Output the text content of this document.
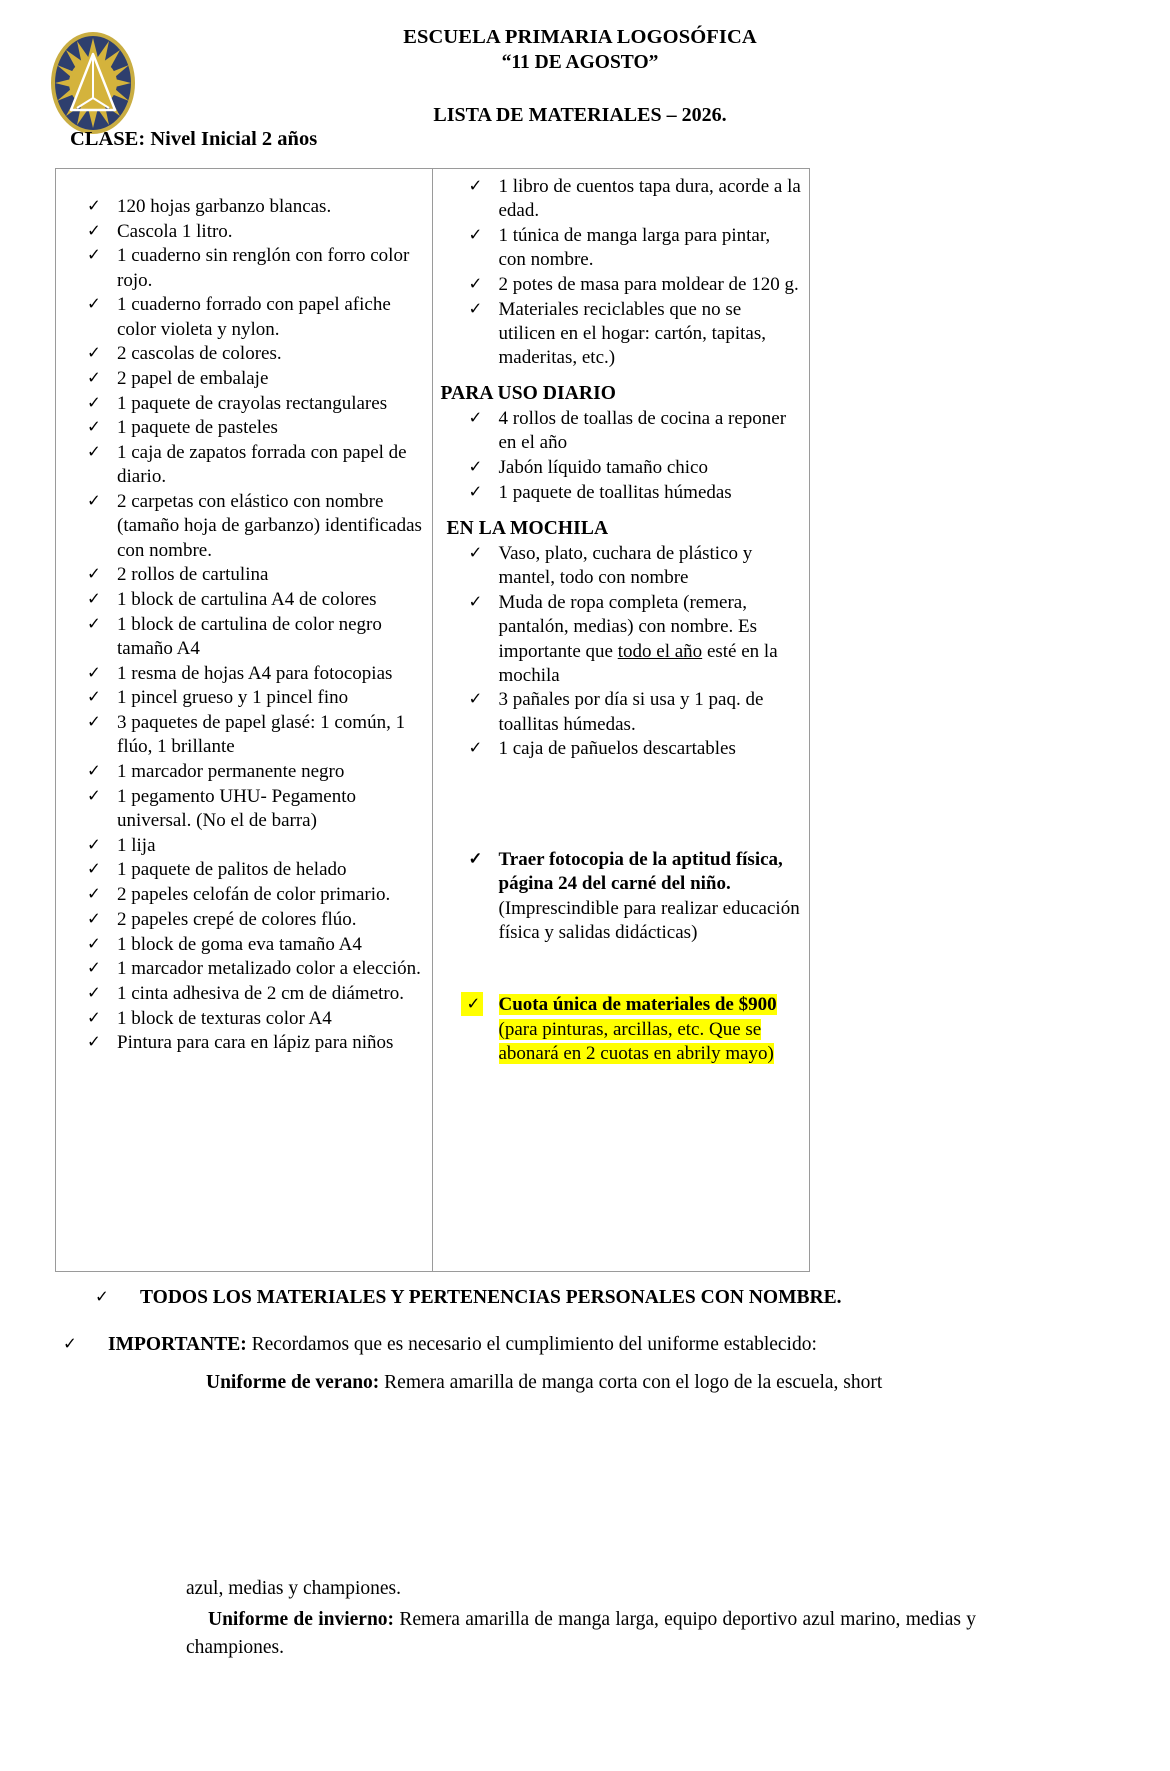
ESCUELA PRIMARIA LOGOSÓFICA
“11 DE AGOSTO”
LISTA DE MATERIALES – 2026.
CLASE: Nivel Inicial 2 años
✓ 120 hojas garbanzo blancas.
✓ Cascola 1 litro.
✓ 1 cuaderno sin renglón con forro color rojo.
✓ 1 cuaderno forrado con papel afiche color violeta y nylon.
✓ 2 cascolas de colores.
✓ 2 papel de embalaje
✓ 1 paquete de crayolas rectangulares
✓ 1 paquete de pasteles
✓ 1 caja de zapatos forrada con papel de diario.
✓ 2 carpetas con elástico con nombre (tamaño hoja de garbanzo) identificadas con nombre.
✓ 2 rollos de cartulina
✓ 1 block de cartulina A4 de colores
✓ 1 block de cartulina de color negro tamaño A4
✓ 1 resma de hojas A4 para fotocopias
✓ 1 pincel grueso y 1 pincel fino
✓ 3 paquetes de papel glasé: 1 común, 1 flúo, 1 brillante
✓ 1 marcador permanente negro
✓ 1 pegamento UHU- Pegamento universal. (No el de barra)
✓ 1 lija
✓ 1 paquete de palitos de helado
✓ 2 papeles celofán de color primario.
✓ 2 papeles crepé de colores flúo.
✓ 1 block de goma eva tamaño A4
✓ 1 marcador metalizado color a elección.
✓ 1 cinta adhesiva de 2 cm de diámetro.
✓ 1 block de texturas color A4
✓ Pintura para cara en lápiz para niños
✓ 1 libro de cuentos tapa dura, acorde a la edad.
✓ 1 túnica de manga larga para pintar, con nombre.
✓ 2 potes de masa para moldear de 120 g.
✓ Materiales reciclables que no se utilicen en el hogar: cartón, tapitas, maderitas, etc.)
PARA USO DIARIO
✓ 4 rollos de toallas de cocina a reponer en el año
✓ Jabón líquido tamaño chico
✓ 1 paquete de toallitas húmedas
EN LA MOCHILA
✓ Vaso, plato, cuchara de plástico y mantel, todo con nombre
✓ Muda de ropa completa (remera, pantalón, medias) con nombre. Es importante que todo el año esté en la mochila
✓ 3 pañales por día si usa y 1 paq. de toallitas húmedas.
✓ 1 caja de pañuelos descartables
✓ Traer fotocopia de la aptitud física, página 24 del carné del niño. (Imprescindible para realizar educación física y salidas didácticas)
✓ Cuota única de materiales de $900 (para pinturas, arcillas, etc. Que se abonará en 2 cuotas en abrily mayo)
✓ TODOS LOS MATERIALES Y PERTENENCIAS PERSONALES CON NOMBRE.
✓ IMPORTANTE: Recordamos que es necesario el cumplimiento del uniforme establecido:
Uniforme de verano: Remera amarilla de manga corta con el logo de la escuela, short
azul, medias y championes.
Uniforme de invierno: Remera amarilla de manga larga, equipo deportivo azul marino, medias y championes.
